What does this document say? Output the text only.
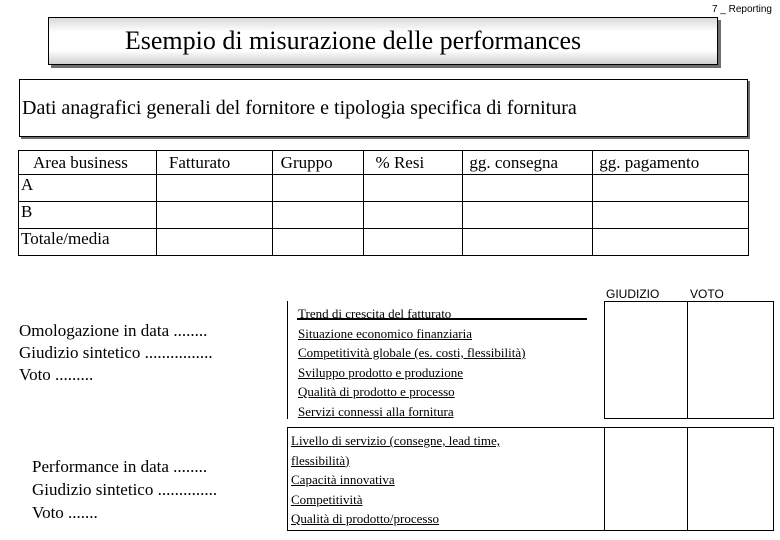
7 _ Reporting
Esempio di misurazione delle performances
Dati anagrafici generali del fornitore e tipologia specifica di fornitura
Area business	Fatturato	Gruppo	% Resi	gg. consegna	gg. pagamento
A					
B					
Totale/media					
GIUDIZIO	VOTO
Omologazione in data ........
Giudizio sintetico ................
Voto .........
Trend di crescita del fatturato
Situazione economico finanziaria
Competitività globale (es. costi, flessibilità)
Sviluppo prodotto e produzione
Qualità di prodotto e processo
Servizi connessi alla fornitura
Performance in data ........
Giudizio sintetico ..............
Voto .......
Livello di servizio (consegne, lead time,
flessibilità)
Capacità innovativa
Competitività
Qualità di prodotto/processo
